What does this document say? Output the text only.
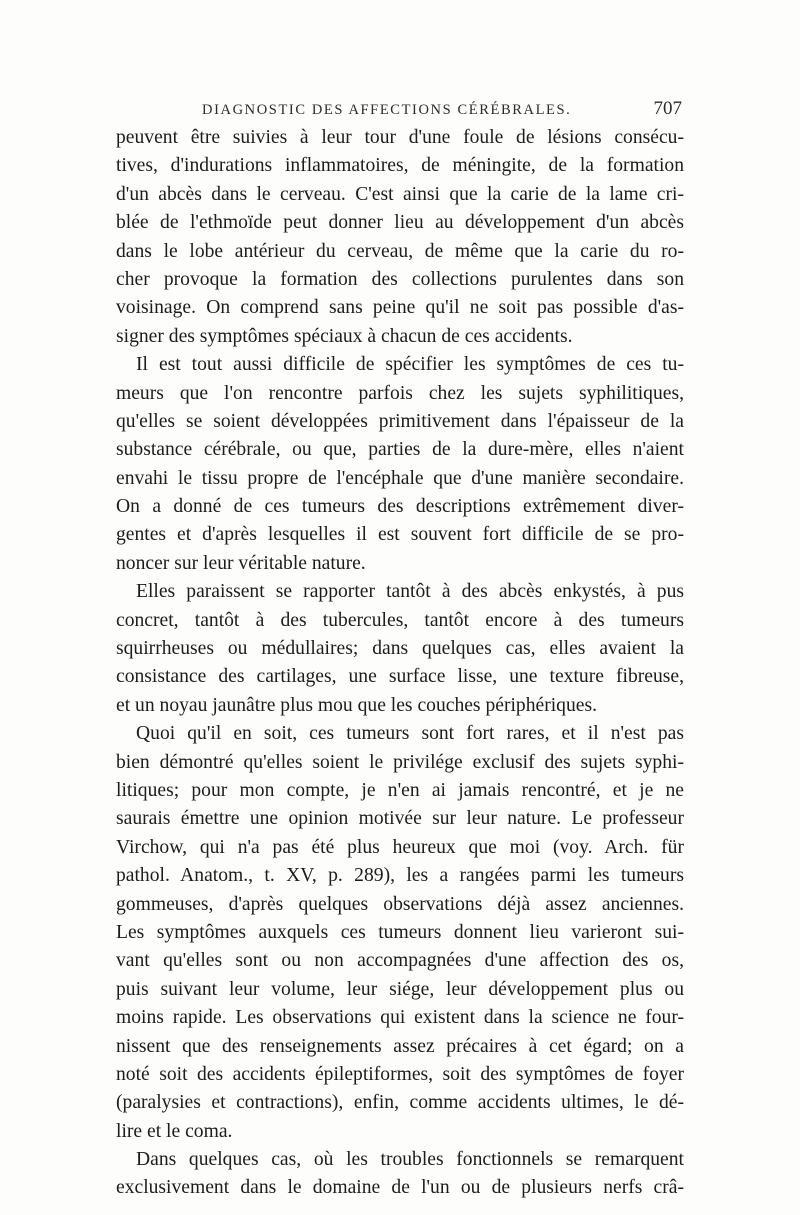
DIAGNOSTIC DES AFFECTIONS CÉRÉBRALES.	707
peuvent être suivies à leur tour d'une foule de lésions consécu-
tives, d'indurations inflammatoires, de méningite, de la formation
d'un abcès dans le cerveau. C'est ainsi que la carie de la lame cri-
blée de l'ethmoïde peut donner lieu au développement d'un abcès
dans le lobe antérieur du cerveau, de même que la carie du ro-
cher provoque la formation des collections purulentes dans son
voisinage. On comprend sans peine qu'il ne soit pas possible d'as-
signer des symptômes spéciaux à chacun de ces accidents.
Il est tout aussi difficile de spécifier les symptômes de ces tu-
meurs que l'on rencontre parfois chez les sujets syphilitiques,
qu'elles se soient développées primitivement dans l'épaisseur de la
substance cérébrale, ou que, parties de la dure-mère, elles n'aient
envahi le tissu propre de l'encéphale que d'une manière secondaire.
On a donné de ces tumeurs des descriptions extrêmement diver-
gentes et d'après lesquelles il est souvent fort difficile de se pro-
noncer sur leur véritable nature.
Elles paraissent se rapporter tantôt à des abcès enkystés, à pus
concret, tantôt à des tubercules, tantôt encore à des tumeurs
squirrheuses ou médullaires; dans quelques cas, elles avaient la
consistance des cartilages, une surface lisse, une texture fibreuse,
et un noyau jaunâtre plus mou que les couches périphériques.
Quoi qu'il en soit, ces tumeurs sont fort rares, et il n'est pas
bien démontré qu'elles soient le privilége exclusif des sujets syphi-
litiques; pour mon compte, je n'en ai jamais rencontré, et je ne
saurais émettre une opinion motivée sur leur nature. Le professeur
Virchow, qui n'a pas été plus heureux que moi (voy. Arch. für
pathol. Anatom., t. XV, p. 289), les a rangées parmi les tumeurs
gommeuses, d'après quelques observations déjà assez anciennes.
Les symptômes auxquels ces tumeurs donnent lieu varieront sui-
vant qu'elles sont ou non accompagnées d'une affection des os,
puis suivant leur volume, leur siége, leur développement plus ou
moins rapide. Les observations qui existent dans la science ne four-
nissent que des renseignements assez précaires à cet égard; on a
noté soit des accidents épileptiformes, soit des symptômes de foyer
(paralysies et contractions), enfin, comme accidents ultimes, le dé-
lire et le coma.
Dans quelques cas, où les troubles fonctionnels se remarquent
exclusivement dans le domaine de l'un ou de plusieurs nerfs crâ-
